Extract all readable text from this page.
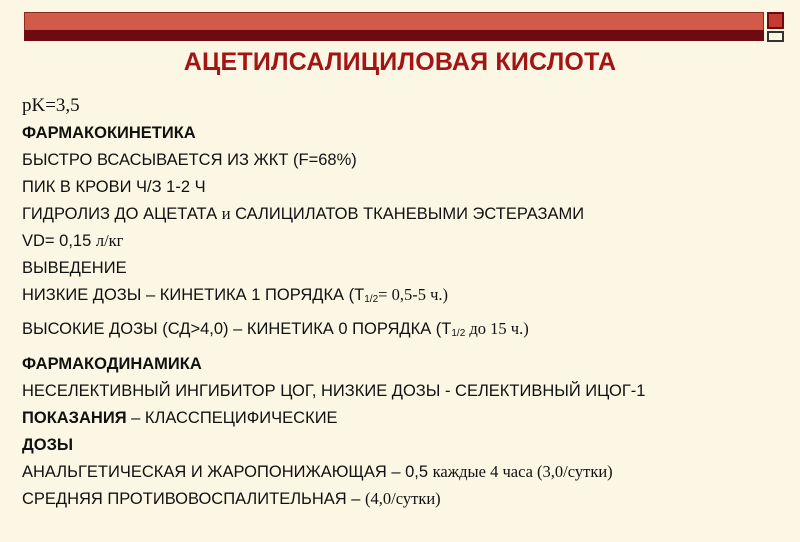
АЦЕТИЛСАЛИЦИЛОВАЯ КИСЛОТА

pK=3,5

ФАРМАКОКИНЕТИКА

БЫСТРО ВСАСЫВАЕТСЯ ИЗ ЖКТ (F=68%)

ПИК В КРОВИ Ч/З 1-2 Ч

ГИДРОЛИЗ ДО АЦЕТАТА и САЛИЦИЛАТОВ ТКАНЕВЫМИ ЭСТЕРАЗАМИ

VD= 0,15 л/кг

ВЫВЕДЕНИЕ

НИЗКИЕ ДОЗЫ – КИНЕТИКА 1 ПОРЯДКА ($T_{1/2}= 0,5-5$ ч.)

ВЫСОКИЕ ДОЗЫ (СД>4,0) – КИНЕТИКА 0 ПОРЯДКА ($Т_{1/2}$ до 15 ч.)

ФАРМАКОДИНАМИКА

НЕСЕЛЕКТИВНЫЙ ИНГИБИТОР ЦОГ, НИЗКИЕ ДОЗЫ - СЕЛЕКТИВНЫЙ ИЦОГ-1

ПОКАЗАНИЯ – КЛАССПЕЦИФИЧЕСКИЕ

ДОЗЫ

АНАЛЬГЕТИЧЕСКАЯ И ЖАРОПОНИЖАЮЩАЯ – 0,5 каждые 4 часа (3,0/сутки)

СРЕДНЯЯ ПРОТИВОВОСПАЛИТЕЛЬНАЯ – (4,0/сутки)
